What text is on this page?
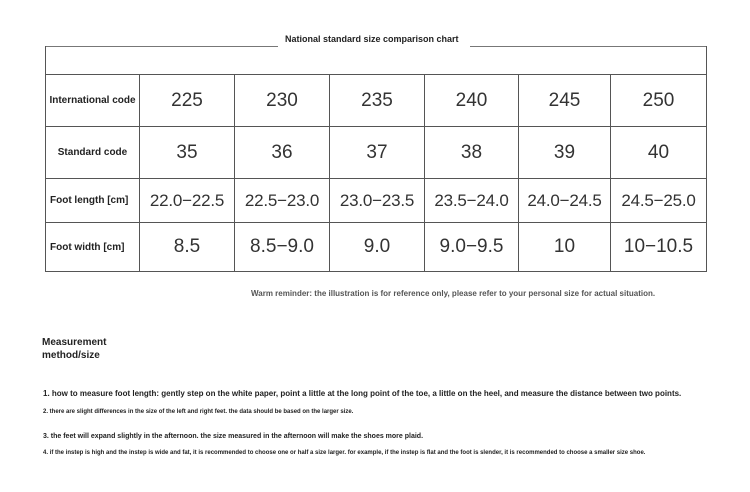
National standard size comparison chart
International code	225	230	235	240	245	250
Standard code	35	36	37	38	39	40
Foot length [cm]	22.0−22.5	22.5−23.0	23.0−23.5	23.5−24.0	24.0−24.5	24.5−25.0
Foot width [cm]	8.5	8.5−9.0	9.0	9.0−9.5	10	10−10.5
Warm reminder: the illustration is for reference only, please refer to your personal size for actual situation.
Measurement method/size
1. how to measure foot length: gently step on the white paper, point a little at the long point of the toe, a little on the heel, and measure the distance between two points.
2. there are slight differences in the size of the left and right feet. the data should be based on the larger size.
3. the feet will expand slightly in the afternoon. the size measured in the afternoon will make the shoes more plaid.
4. if the instep is high and the instep is wide and fat, it is recommended to choose one or half a size larger. for example, if the instep is flat and the foot is slender, it is recommended to choose a smaller size shoe.
